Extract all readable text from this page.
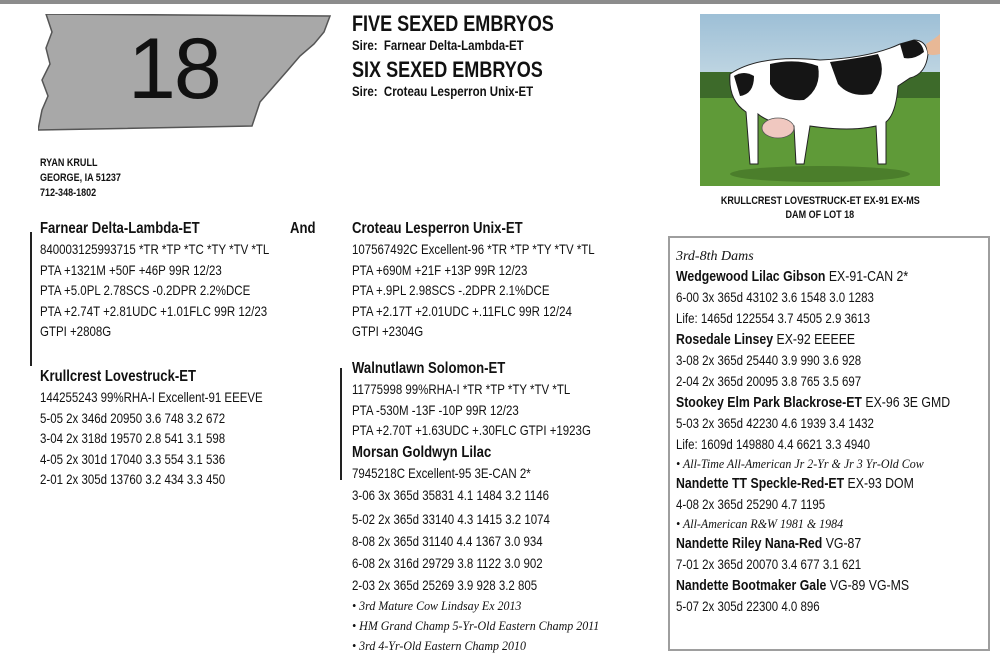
18	FIVE SEXED EMBRYOS
Sire: Farnear Delta-Lambda-ET
SIX SEXED EMBRYOS
Sire: Croteau Lesperron Unix-ET
RYAN KRULL
GEORGE, IA 51237
712-348-1802
KRULLCREST LOVESTRUCK-ET EX-91 EX-MS
DAM OF LOT 18
Farnear Delta-Lambda-ET
840003125993715 *TR *TP *TC *TY *TV *TL
PTA +1321M +50F +46P 99R 12/23
PTA +5.0PL 2.78SCS -0.2DPR 2.2%DCE
PTA +2.74T +2.81UDC +1.01FLC 99R 12/23
GTPI +2808G
And
Krullcrest Lovestruck-ET
144255243 99%RHA-I Excellent-91 EEEVE
5-05 2x 346d 20950 3.6 748 3.2 672
3-04 2x 318d 19570 2.8 541 3.1 598
4-05 2x 301d 17040 3.3 554 3.1 536
2-01 2x 305d 13760 3.2 434 3.3 450
Croteau Lesperron Unix-ET
107567492C Excellent-96 *TR *TP *TY *TV *TL
PTA +690M +21F +13P 99R 12/23
PTA +.9PL 2.98SCS -.2DPR 2.1%DCE
PTA +2.17T +2.01UDC +.11FLC 99R 12/24
GTPI +2304G
Walnutlawn Solomon-ET
11775998 99%RHA-I *TR *TP *TY *TV *TL
PTA -530M -13F -10P 99R 12/23
PTA +2.70T +1.63UDC +.30FLC GTPI +1923G
Morsan Goldwyn Lilac
7945218C Excellent-95 3E-CAN 2*
3-06 3x 365d 35831 4.1 1484 3.2 1146
5-02 2x 365d 33140 4.3 1415 3.2 1074
8-08 2x 365d 31140 4.4 1367 3.0 934
6-08 2x 316d 29729 3.8 1122 3.0 902
2-03 2x 365d 25269 3.9 928 3.2 805
• 3rd Mature Cow Lindsay Ex 2013
• HM Grand Champ 5-Yr-Old Eastern Champ 2011
• 3rd 4-Yr-Old Eastern Champ 2010
3rd-8th Dams
Wedgewood Lilac Gibson EX-91-CAN 2*
6-00 3x 365d 43102 3.6 1548 3.0 1283
Life: 1465d 122554 3.7 4505 2.9 3613
Rosedale Linsey EX-92 EEEEE
3-08 2x 365d 25440 3.9 990 3.6 928
2-04 2x 365d 20095 3.8 765 3.5 697
Stookey Elm Park Blackrose-ET EX-96 3E GMD
5-03 2x 365d 42230 4.6 1939 3.4 1432
Life: 1609d 149880 4.4 6621 3.3 4940
• All-Time All-American Jr 2-Yr & Jr 3 Yr-Old Cow
Nandette TT Speckle-Red-ET EX-93 DOM
4-08 2x 365d 25290 4.7 1195
• All-American R&W 1981 & 1984
Nandette Riley Nana-Red VG-87
7-01 2x 365d 20070 3.4 677 3.1 621
Nandette Bootmaker Gale VG-89 VG-MS
5-07 2x 305d 22300 4.0 896
